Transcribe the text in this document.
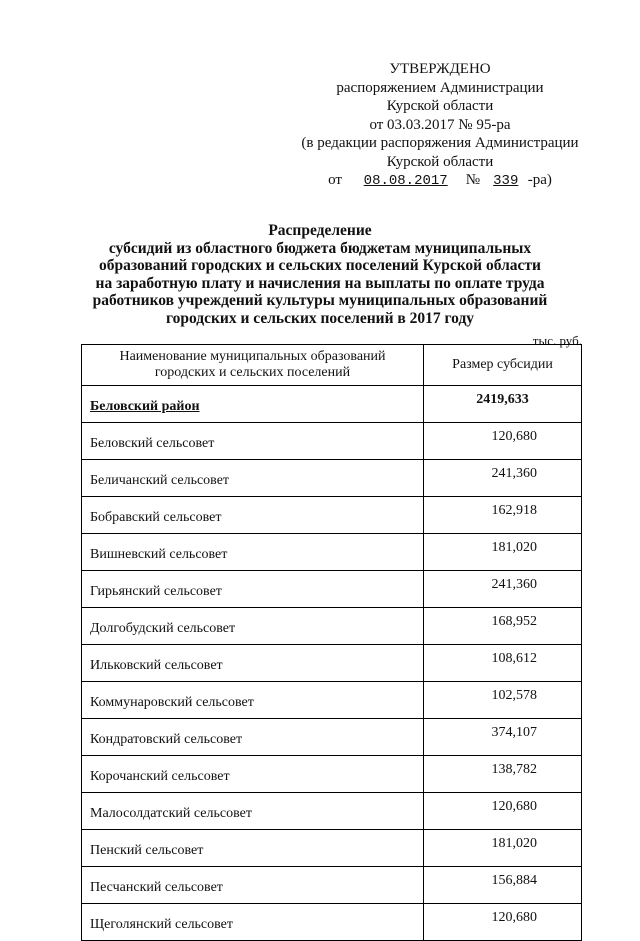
УТВЕРЖДЕНО
распоряжением Администрации
Курской области
от 03.03.2017 № 95-ра
(в редакции распоряжения Администрации
Курской области
от 08.08.2017 № 339 -ра)
Распределение
субсидий из областного бюджета бюджетам муниципальных
образований городских и сельских поселений Курской области
на заработную плату и начисления на выплаты по оплате труда
работников учреждений культуры муниципальных образований
городских и сельских поселений в 2017 году
тыс. руб.
Наименование муниципальных образований
городских и сельских поселений	Размер субсидии
Беловский район	2419,633
Беловский сельсовет	120,680
Беличанский сельсовет	241,360
Бобравский сельсовет	162,918
Вишневский сельсовет	181,020
Гирьянский сельсовет	241,360
Долгобудский сельсовет	168,952
Ильковский сельсовет	108,612
Коммунаровский сельсовет	102,578
Кондратовский сельсовет	374,107
Корочанский сельсовет	138,782
Малосолдатский сельсовет	120,680
Пенский сельсовет	181,020
Песчанский сельсовет	156,884
Щеголянский сельсовет	120,680
